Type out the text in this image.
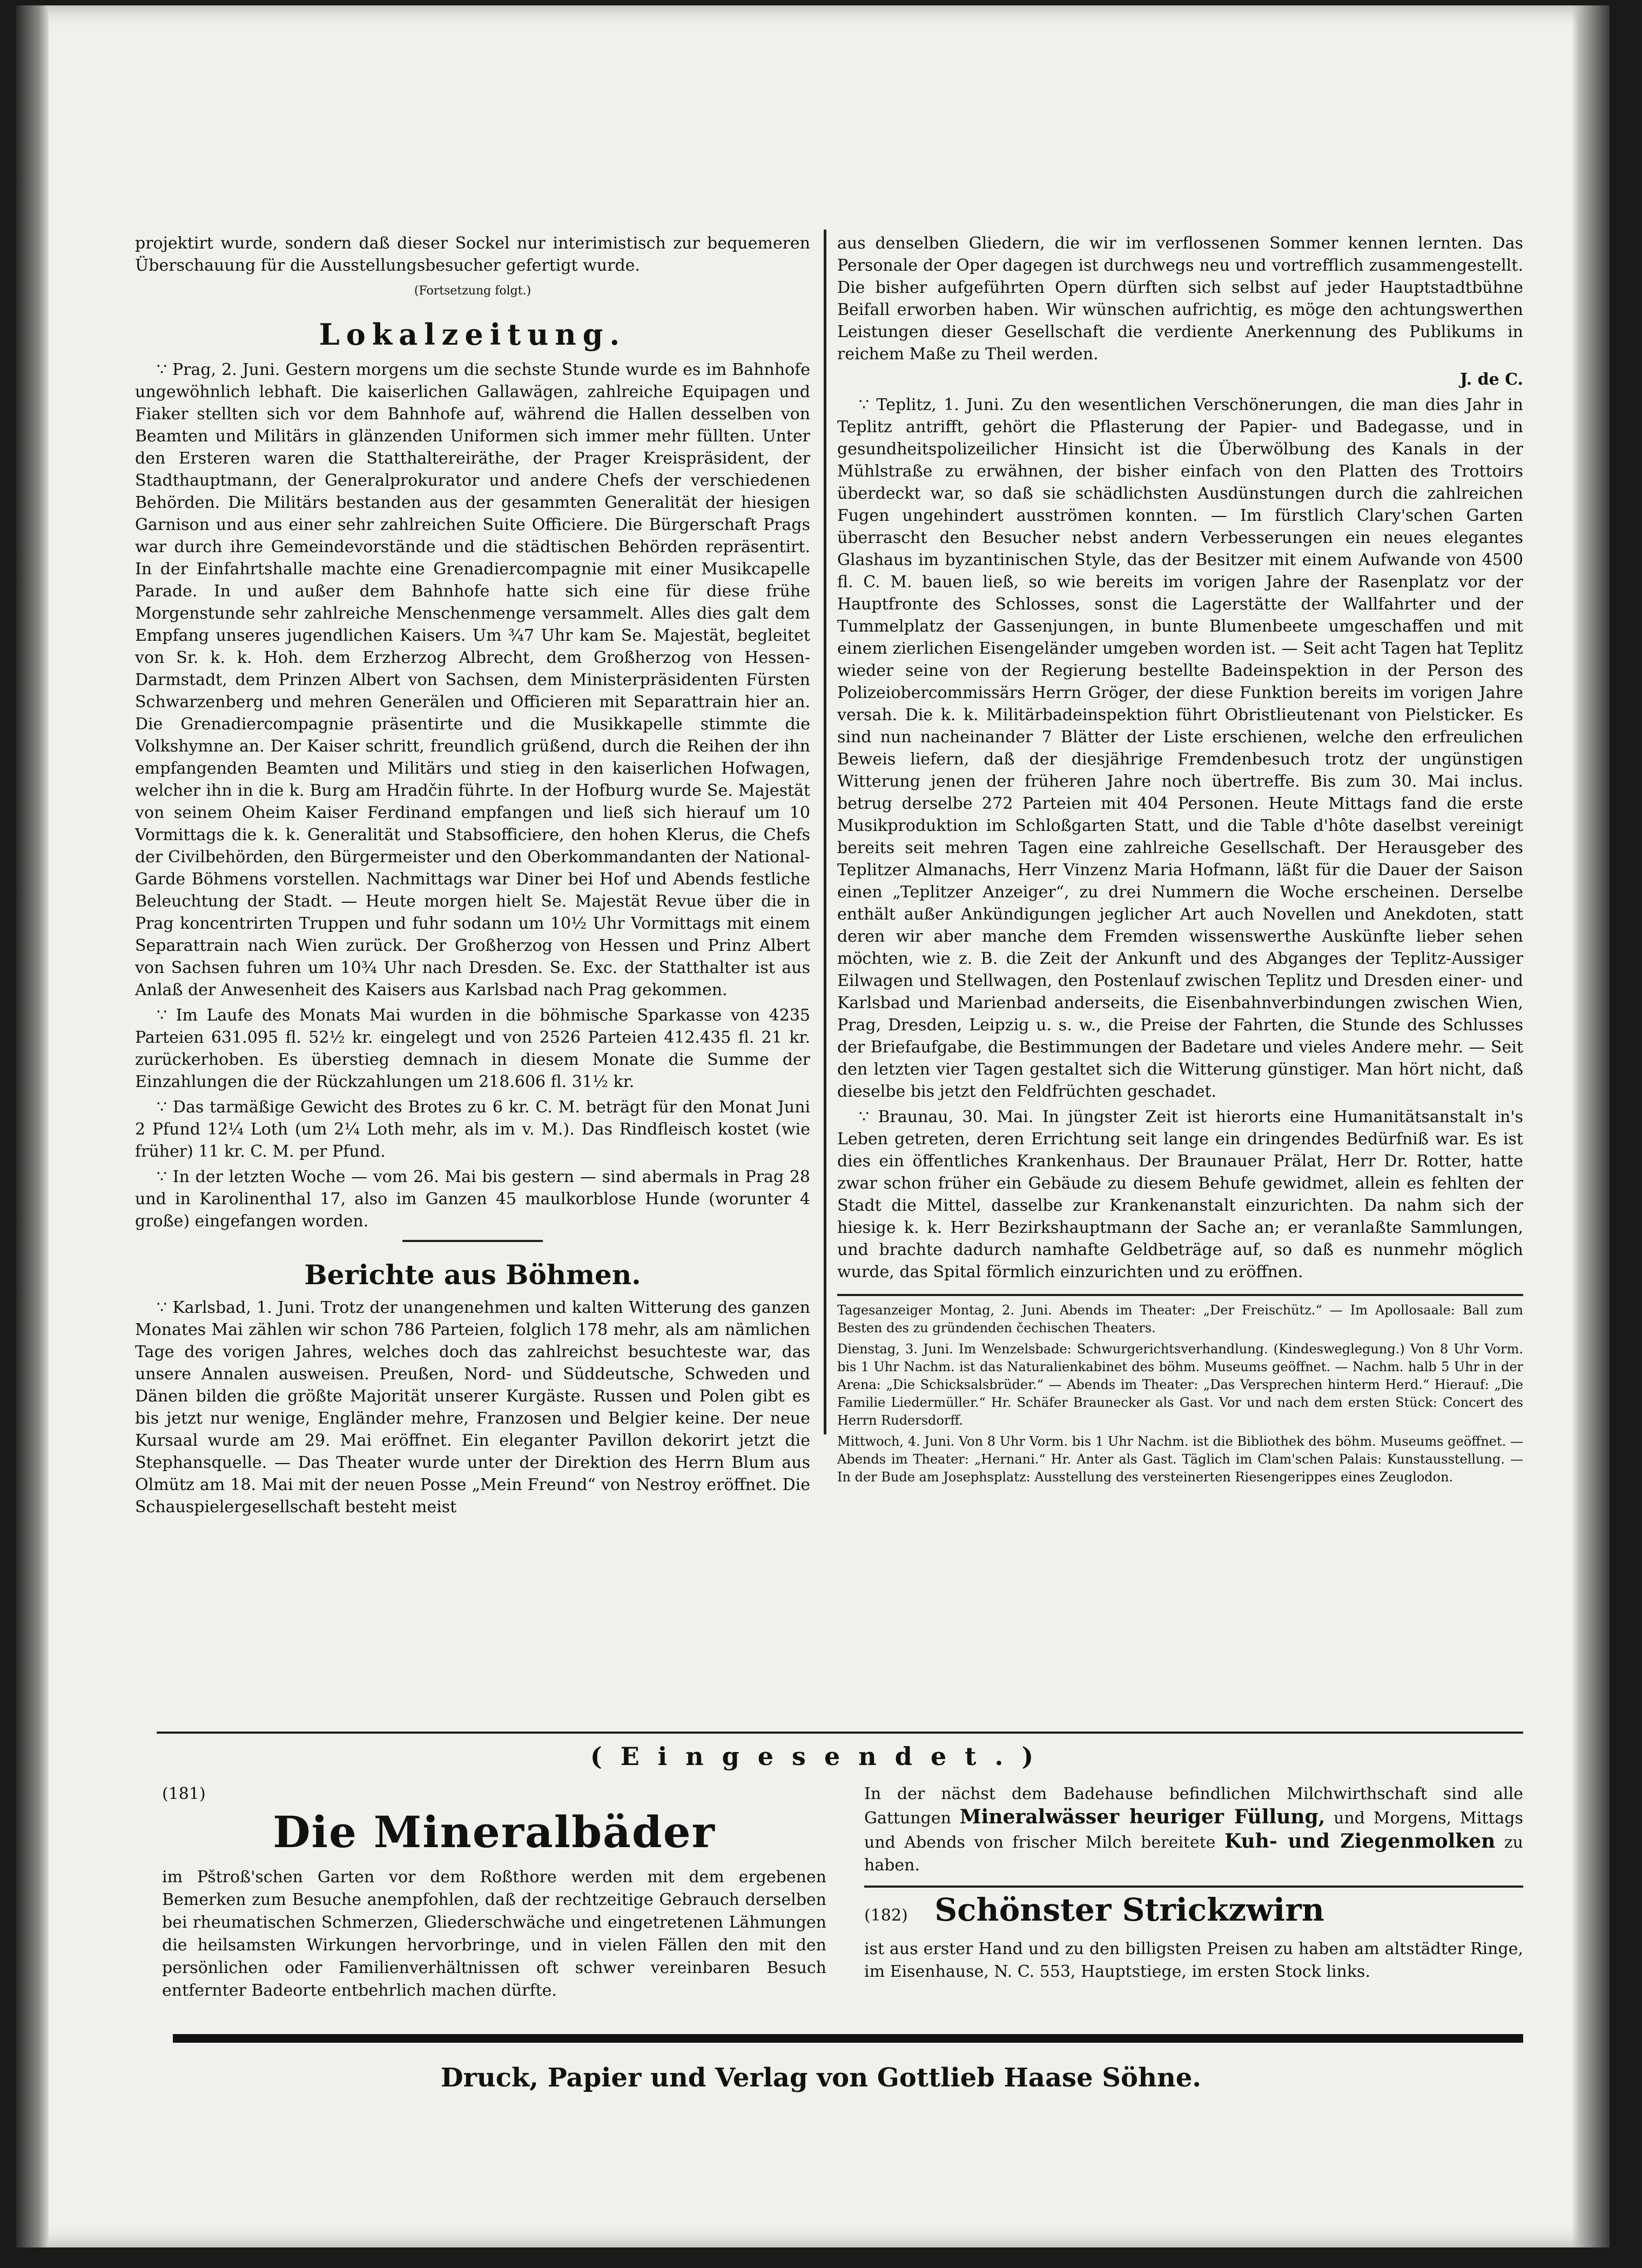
projektirt wurde, sondern daß dieser Sockel nur interimistisch zur bequemeren Überschauung für die Ausstellungsbesucher gefertigt wurde.

(Fortsetzung folgt.)

Lokalzeitung.

∵ Prag, 2. Juni. Gestern morgens um die sechste Stunde wurde es im Bahnhofe ungewöhnlich lebhaft. Die kaiserlichen Gallawägen, zahlreiche Equipagen und Fiaker stellten sich vor dem Bahnhofe auf, während die Hallen desselben von Beamten und Militärs in glänzenden Uniformen sich immer mehr füllten. Unter den Ersteren waren die Statthaltereiräthe, der Prager Kreispräsident, der Stadthauptmann, der Generalprokurator und andere Chefs der verschiedenen Behörden. Die Militärs bestanden aus der gesammten Generalität der hiesigen Garnison und aus einer sehr zahlreichen Suite Officiere. Die Bürgerschaft Prags war durch ihre Gemeindevorstände und die städtischen Behörden repräsentirt. In der Einfahrtshalle machte eine Grenadiercompagnie mit einer Musikcapelle Parade. In und außer dem Bahnhofe hatte sich eine für diese frühe Morgenstunde sehr zahlreiche Menschenmenge versammelt. Alles dies galt dem Empfang unseres jugendlichen Kaisers. Um ¾7 Uhr kam Se. Majestät, begleitet von Sr. k. k. Hoh. dem Erzherzog Albrecht, dem Großherzog von Hessen-Darmstadt, dem Prinzen Albert von Sachsen, dem Ministerpräsidenten Fürsten Schwarzenberg und mehren Generälen und Officieren mit Separattrain hier an. Die Grenadiercompagnie präsentirte und die Musikkapelle stimmte die Volkshymne an. Der Kaiser schritt, freundlich grüßend, durch die Reihen der ihn empfangenden Beamten und Militärs und stieg in den kaiserlichen Hofwagen, welcher ihn in die k. Burg am Hradčin führte. In der Hofburg wurde Se. Majestät von seinem Oheim Kaiser Ferdinand empfangen und ließ sich hierauf um 10 Vormittags die k. k. Generalität und Stabsofficiere, den hohen Klerus, die Chefs der Civilbehörden, den Bürgermeister und den Oberkommandanten der National-Garde Böhmens vorstellen. Nachmittags war Diner bei Hof und Abends festliche Beleuchtung der Stadt. — Heute morgen hielt Se. Majestät Revue über die in Prag koncentrirten Truppen und fuhr sodann um 10½ Uhr Vormittags mit einem Separattrain nach Wien zurück. Der Großherzog von Hessen und Prinz Albert von Sachsen fuhren um 10¾ Uhr nach Dresden. Se. Exc. der Statthalter ist aus Anlaß der Anwesenheit des Kaisers aus Karlsbad nach Prag gekommen.

∵ Im Laufe des Monats Mai wurden in die böhmische Sparkasse von 4235 Parteien 631.095 fl. 52½ kr. eingelegt und von 2526 Parteien 412.435 fl. 21 kr. zurückerhoben. Es überstieg demnach in diesem Monate die Summe der Einzahlungen die der Rückzahlungen um 218.606 fl. 31½ kr.

∵ Das tarmäßige Gewicht des Brotes zu 6 kr. C. M. beträgt für den Monat Juni 2 Pfund 12¼ Loth (um 2¼ Loth mehr, als im v. M.). Das Rindfleisch kostet (wie früher) 11 kr. C. M. per Pfund.

∵ In der letzten Woche — vom 26. Mai bis gestern — sind abermals in Prag 28 und in Karolinenthal 17, also im Ganzen 45 maulkorblose Hunde (worunter 4 große) eingefangen worden.

Berichte aus Böhmen.

∵ Karlsbad, 1. Juni. Trotz der unangenehmen und kalten Witterung des ganzen Monates Mai zählen wir schon 786 Parteien, folglich 178 mehr, als am nämlichen Tage des vorigen Jahres, welches doch das zahlreichst besuchteste war, das unsere Annalen ausweisen. Preußen, Nord- und Süddeutsche, Schweden und Dänen bilden die größte Majorität unserer Kurgäste. Russen und Polen gibt es bis jetzt nur wenige, Engländer mehre, Franzosen und Belgier keine. Der neue Kursaal wurde am 29. Mai eröffnet. Ein eleganter Pavillon dekorirt jetzt die Stephansquelle. — Das Theater wurde unter der Direktion des Herrn Blum aus Olmütz am 18. Mai mit der neuen Posse „Mein Freund“ von Nestroy eröffnet. Die Schauspielergesellschaft besteht meist

aus denselben Gliedern, die wir im verflossenen Sommer kennen lernten. Das Personale der Oper dagegen ist durchwegs neu und vortrefflich zusammengestellt. Die bisher aufgeführten Opern dürften sich selbst auf jeder Hauptstadtbühne Beifall erworben haben. Wir wünschen aufrichtig, es möge den achtungswerthen Leistungen dieser Gesellschaft die verdiente Anerkennung des Publikums in reichem Maße zu Theil werden.

J. de C.

∵ Teplitz, 1. Juni. Zu den wesentlichen Verschönerungen, die man dies Jahr in Teplitz antrifft, gehört die Pflasterung der Papier- und Badegasse, und in gesundheitspolizeilicher Hinsicht ist die Überwölbung des Kanals in der Mühlstraße zu erwähnen, der bisher einfach von den Platten des Trottoirs überdeckt war, so daß sie schädlichsten Ausdünstungen durch die zahlreichen Fugen ungehindert ausströmen konnten. — Im fürstlich Clary'schen Garten überrascht den Besucher nebst andern Verbesserungen ein neues elegantes Glashaus im byzantinischen Style, das der Besitzer mit einem Aufwande von 4500 fl. C. M. bauen ließ, so wie bereits im vorigen Jahre der Rasenplatz vor der Hauptfronte des Schlosses, sonst die Lagerstätte der Wallfahrter und der Tummelplatz der Gassenjungen, in bunte Blumenbeete umgeschaffen und mit einem zierlichen Eisengeländer umgeben worden ist. — Seit acht Tagen hat Teplitz wieder seine von der Regierung bestellte Badeinspektion in der Person des Polizeiobercommissärs Herrn Gröger, der diese Funktion bereits im vorigen Jahre versah. Die k. k. Militärbadeinspektion führt Obristlieutenant von Pielsticker. Es sind nun nacheinander 7 Blätter der Liste erschienen, welche den erfreulichen Beweis liefern, daß der diesjährige Fremdenbesuch trotz der ungünstigen Witterung jenen der früheren Jahre noch übertreffe. Bis zum 30. Mai inclus. betrug derselbe 272 Parteien mit 404 Personen. Heute Mittags fand die erste Musikproduktion im Schloßgarten Statt, und die Table d'hôte daselbst vereinigt bereits seit mehren Tagen eine zahlreiche Gesellschaft. Der Herausgeber des Teplitzer Almanachs, Herr Vinzenz Maria Hofmann, läßt für die Dauer der Saison einen „Teplitzer Anzeiger“, zu drei Nummern die Woche erscheinen. Derselbe enthält außer Ankündigungen jeglicher Art auch Novellen und Anekdoten, statt deren wir aber manche dem Fremden wissenswerthe Auskünfte lieber sehen möchten, wie z. B. die Zeit der Ankunft und des Abganges der Teplitz-Aussiger Eilwagen und Stellwagen, den Postenlauf zwischen Teplitz und Dresden einer- und Karlsbad und Marienbad anderseits, die Eisenbahnverbindungen zwischen Wien, Prag, Dresden, Leipzig u. s. w., die Preise der Fahrten, die Stunde des Schlusses der Briefaufgabe, die Bestimmungen der Badetare und vieles Andere mehr. — Seit den letzten vier Tagen gestaltet sich die Witterung günstiger. Man hört nicht, daß dieselbe bis jetzt den Feldfrüchten geschadet.

∵ Braunau, 30. Mai. In jüngster Zeit ist hierorts eine Humanitätsanstalt in's Leben getreten, deren Errichtung seit lange ein dringendes Bedürfniß war. Es ist dies ein öffentliches Krankenhaus. Der Braunauer Prälat, Herr Dr. Rotter, hatte zwar schon früher ein Gebäude zu diesem Behufe gewidmet, allein es fehlten der Stadt die Mittel, dasselbe zur Krankenanstalt einzurichten. Da nahm sich der hiesige k. k. Herr Bezirkshauptmann der Sache an; er veranlaßte Sammlungen, und brachte dadurch namhafte Geldbeträge auf, so daß es nunmehr möglich wurde, das Spital förmlich einzurichten und zu eröffnen.

Tagesanzeiger Montag, 2. Juni. Abends im Theater: „Der Freischütz.“ — Im Apollosaale: Ball zum Besten des zu gründenden čechischen Theaters.

Dienstag, 3. Juni. Im Wenzelsbade: Schwurgerichtsverhandlung. (Kindesweglegung.) Von 8 Uhr Vorm. bis 1 Uhr Nachm. ist das Naturalienkabinet des böhm. Museums geöffnet. — Nachm. halb 5 Uhr in der Arena: „Die Schicksalsbrüder.“ — Abends im Theater: „Das Versprechen hinterm Herd.“ Hierauf: „Die Familie Liedermüller.“ Hr. Schäfer Braunecker als Gast. Vor und nach dem ersten Stück: Concert des Herrn Rudersdorff.

Mittwoch, 4. Juni. Von 8 Uhr Vorm. bis 1 Uhr Nachm. ist die Bibliothek des böhm. Museums geöffnet. — Abends im Theater: „Hernani.“ Hr. Anter als Gast. Täglich im Clam'schen Palais: Kunstausstellung. — In der Bude am Josephsplatz: Ausstellung des versteinerten Riesengerippes eines Zeuglodon.

(Eingesendet.)
(181)
Die Mineralbäder

im Pštroß'schen Garten vor dem Roßthore werden mit dem ergebenen Bemerken zum Besuche anempfohlen, daß der rechtzeitige Gebrauch derselben bei rheumatischen Schmerzen, Gliederschwäche und eingetretenen Lähmungen die heilsamsten Wirkungen hervorbringe, und in vielen Fällen den mit den persönlichen oder Familienverhältnissen oft schwer vereinbaren Besuch entfernter Badeorte entbehrlich machen dürfte.

In der nächst dem Badehause befindlichen Milchwirthschaft sind alle Gattungen Mineralwässer heuriger Füllung, und Morgens, Mittags und Abends von frischer Milch bereitete Kuh- und Ziegenmolken zu haben.

(182) Schönster Strickzwirn

ist aus erster Hand und zu den billigsten Preisen zu haben am altstädter Ringe, im Eisenhause, N. C. 553, Hauptstiege, im ersten Stock links.

Druck, Papier und Verlag von Gottlieb Haase Söhne.
